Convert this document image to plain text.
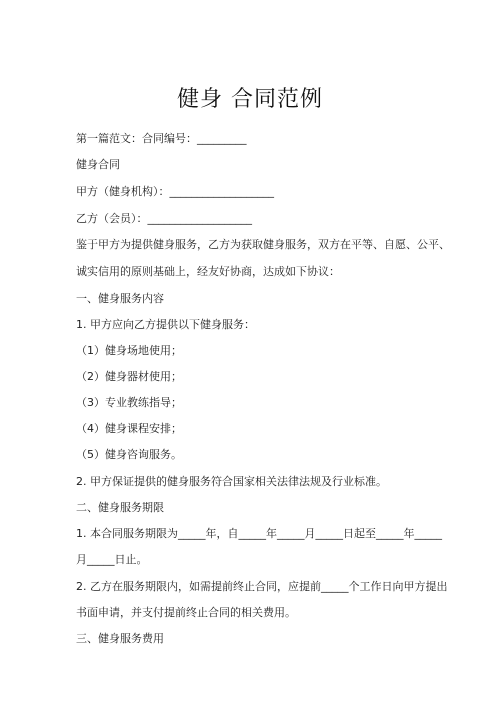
健身 合同范例
第一篇范文：合同编号：_________
健身合同
甲方（健身机构）：___________________
乙方（会员）：___________________
鉴于甲方为提供健身服务，乙方为获取健身服务，双方在平等、自愿、公平、
诚实信用的原则基础上，经友好协商，达成如下协议：
一、健身服务内容
1. 甲方应向乙方提供以下健身服务：
（1）健身场地使用；
（2）健身器材使用；
（3）专业教练指导；
（4）健身课程安排；
（5）健身咨询服务。
2. 甲方保证提供的健身服务符合国家相关法律法规及行业标准。
二、健身服务期限
1. 本合同服务期限为_____年，自_____年_____月_____日起至_____年_____
月_____日止。
2. 乙方在服务期限内，如需提前终止合同，应提前_____个工作日向甲方提出
书面申请，并支付提前终止合同的相关费用。
三、健身服务费用
